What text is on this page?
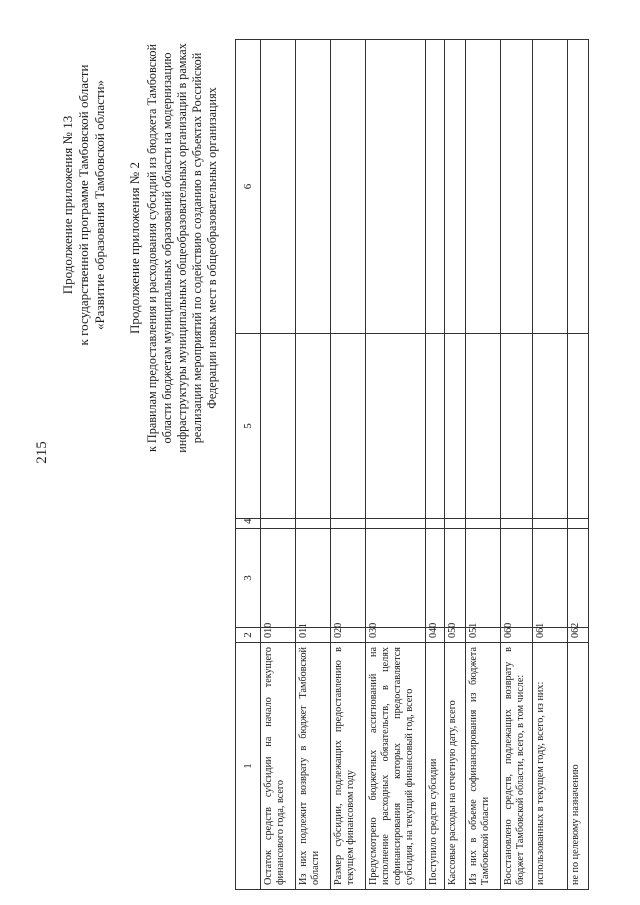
215
Продолжение приложения № 13 к государственной программе Тамбовской области «Развитие образования Тамбовской области» Продолжение приложения № 2 к Правилам предоставления и расходования субсидий из бюджета Тамбовской области бюджетам муниципальных образований области на модернизацию инфраструктуры муниципальных общеобразовательных организаций в рамках реализации мероприятий по содействию созданию в субъектах Российской Федерации новых мест в общеобразовательных организациях
1	2	3	4	5	6
Остаток средств субсидии на начало текущего финансового года, всего	010				
Из них подлежит возврату в бюджет Тамбовской области	011				
Размер субсидии, подлежащих предоставлению в текущем финансовом году	020				
Предусмотрено бюджетных ассигнований на исполнение расходных обязательств, в целях софинансирования которых предоставляется субсидия, на текущий финансовый год, всего	030				
Поступило средств субсидии	040				
Кассовые расходы на отчетную дату, всего	050				
Из них в объеме софинансирования из бюджета Тамбовской области	051				
Восстановлено средств, подлежащих возврату в бюджет Тамбовской области, всего, в том числе:	060				
использованных в текущем году, всего, из них:	061				
не по целевому назначению	062				
